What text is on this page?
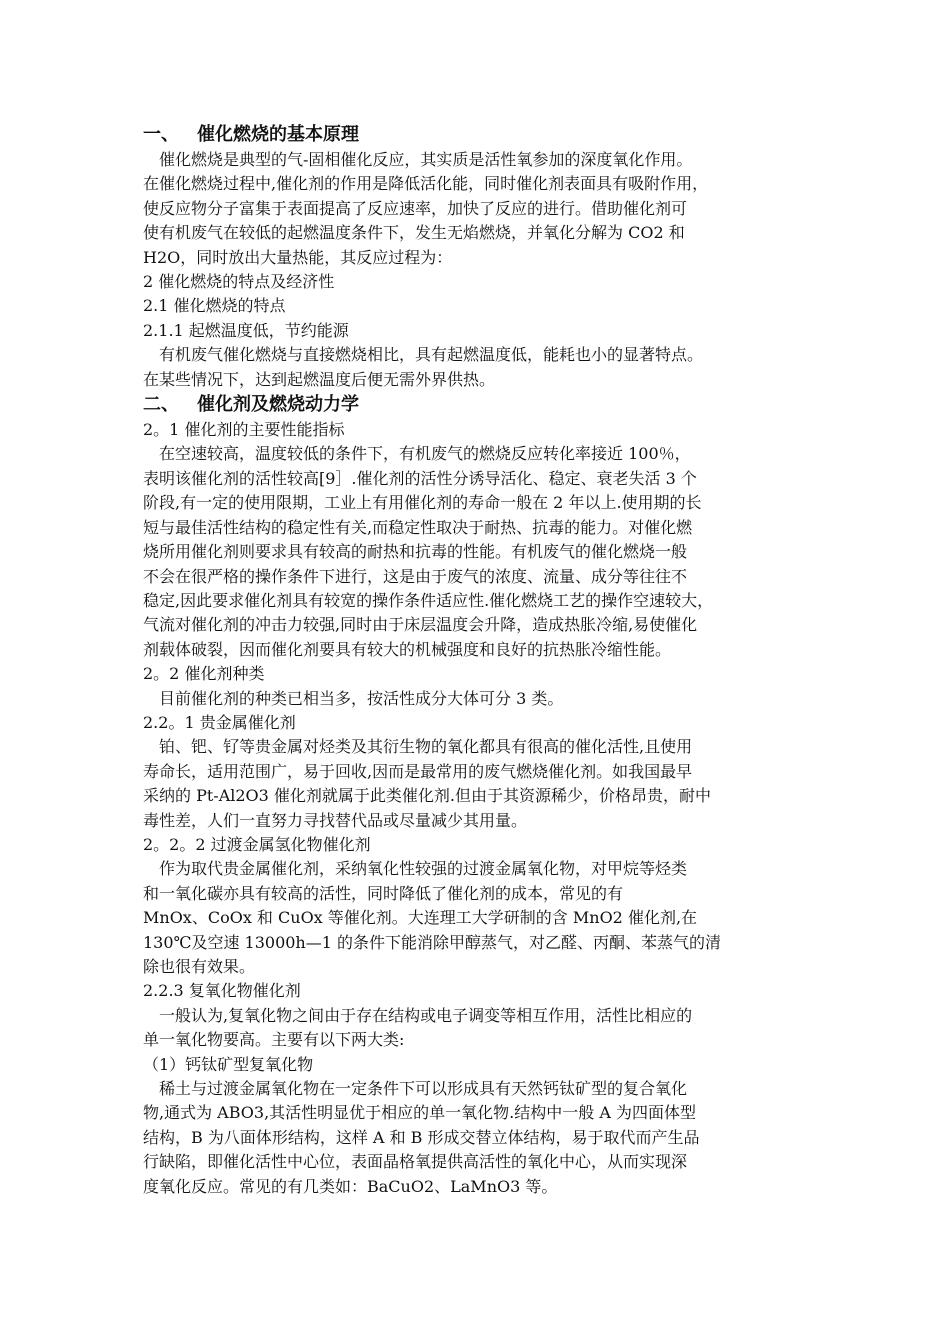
一、 催化燃烧的基本原理
　催化燃烧是典型的气-固相催化反应，其实质是活性氧参加的深度氧化作用。
在催化燃烧过程中,催化剂的作用是降低活化能，同时催化剂表面具有吸附作用，
使反应物分子富集于表面提高了反应速率，加快了反应的进行。借助催化剂可
使有机废气在较低的起燃温度条件下，发生无焰燃烧，并氧化分解为 CO2 和
H2O，同时放出大量热能，其反应过程为：
2 催化燃烧的特点及经济性
2.1 催化燃烧的特点
2.1.1 起燃温度低，节约能源
　有机废气催化燃烧与直接燃烧相比，具有起燃温度低，能耗也小的显著特点。
在某些情况下，达到起燃温度后便无需外界供热。
二、 催化剂及燃烧动力学
2。1 催化剂的主要性能指标
　在空速较高，温度较低的条件下，有机废气的燃烧反应转化率接近 100％，
表明该催化剂的活性较高[9］.催化剂的活性分诱导活化、稳定、衰老失活 3 个
阶段,有一定的使用限期，工业上有用催化剂的寿命一般在 2 年以上.使用期的长
短与最佳活性结构的稳定性有关,而稳定性取决于耐热、抗毒的能力。对催化燃
烧所用催化剂则要求具有较高的耐热和抗毒的性能。有机废气的催化燃烧一般
不会在很严格的操作条件下进行，这是由于废气的浓度、流量、成分等往往不
稳定,因此要求催化剂具有较宽的操作条件适应性.催化燃烧工艺的操作空速较大，
气流对催化剂的冲击力较强,同时由于床层温度会升降，造成热胀冷缩,易使催化
剂载体破裂，因而催化剂要具有较大的机械强度和良好的抗热胀冷缩性能。
2。2 催化剂种类
　目前催化剂的种类已相当多，按活性成分大体可分 3 类。
2.2。1 贵金属催化剂
　铂、钯、钌等贵金属对烃类及其衍生物的氧化都具有很高的催化活性,且使用
寿命长，适用范围广，易于回收,因而是最常用的废气燃烧催化剂。如我国最早
采纳的 Pt-Al2O3 催化剂就属于此类催化剂.但由于其资源稀少，价格昂贵，耐中
毒性差，人们一直努力寻找替代品或尽量减少其用量。
2。2。2 过渡金属氢化物催化剂
　作为取代贵金属催化剂，采纳氧化性较强的过渡金属氧化物，对甲烷等烃类
和一氧化碳亦具有较高的活性，同时降低了催化剂的成本，常见的有
MnOx、CoOx 和 CuOx 等催化剂。大连理工大学研制的含 MnO2 催化剂,在
130℃及空速 13000h—1 的条件下能消除甲醇蒸气，对乙醛、丙酮、苯蒸气的清
除也很有效果。
2.2.3 复氧化物催化剂
　一般认为,复氧化物之间由于存在结构或电子调变等相互作用，活性比相应的
单一氧化物要高。主要有以下两大类:
（1）钙钛矿型复氧化物
　稀土与过渡金属氧化物在一定条件下可以形成具有天然钙钛矿型的复合氧化
物,通式为 ABO3,其活性明显优于相应的单一氧化物.结构中一般 A 为四面体型
结构，B 为八面体形结构，这样 A 和 B 形成交替立体结构，易于取代而产生品
行缺陷，即催化活性中心位，表面晶格氧提供高活性的氧化中心，从而实现深
度氧化反应。常见的有几类如：BaCuO2、LaMnO3 等。
